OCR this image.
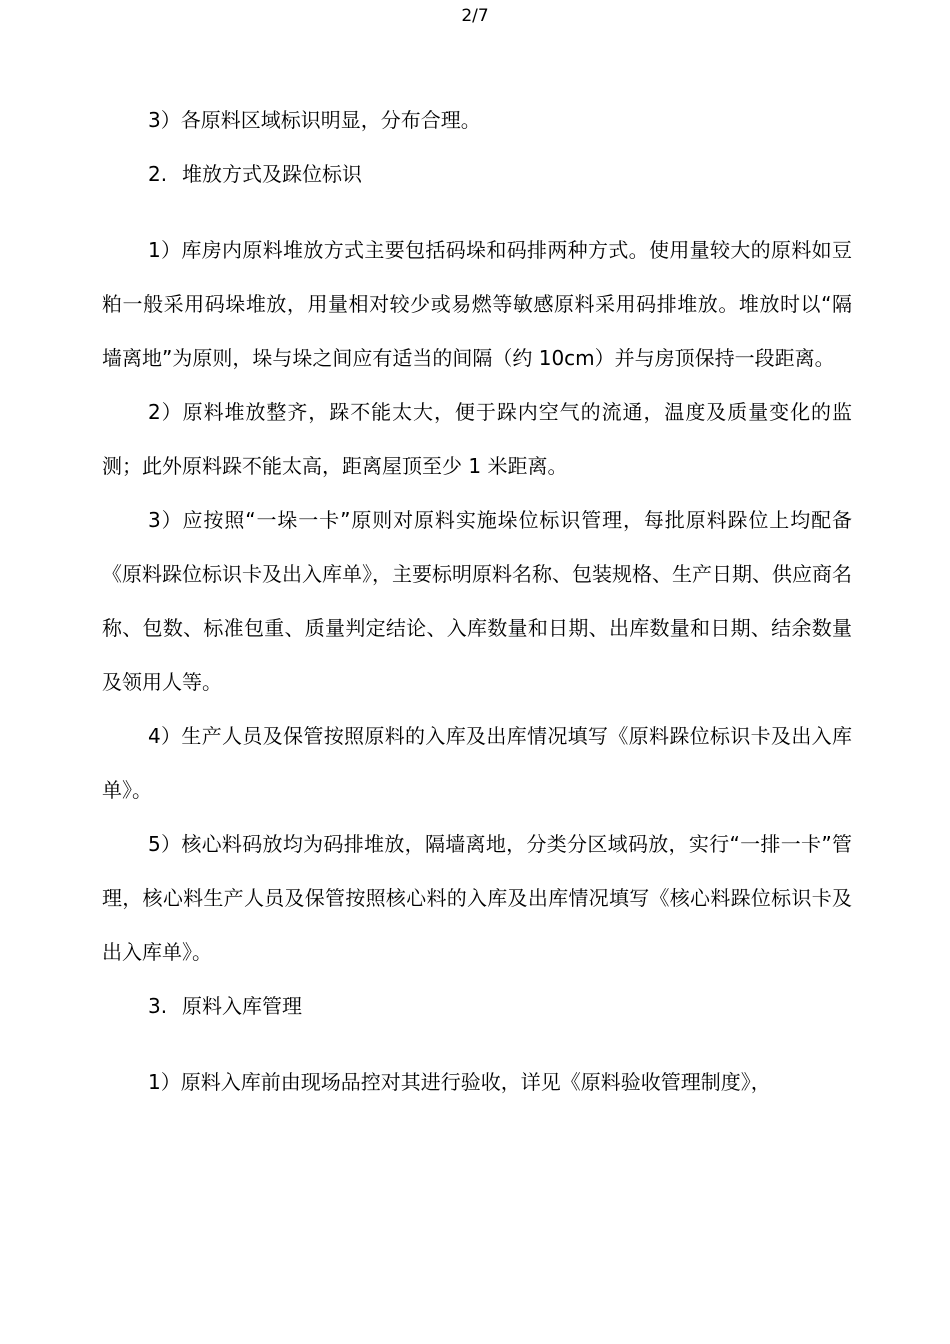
2/7

3）各原料区域标识明显，分布合理。

2. 堆放方式及跺位标识

1）库房内原料堆放方式主要包括码垛和码排两种方式。使用量较大的原料如豆粕一般采用码垛堆放，用量相对较少或易燃等敏感原料采用码排堆放。堆放时以“隔墙离地”为原则，垛与垛之间应有适当的间隔（约 10cm）并与房顶保持一段距离。

2）原料堆放整齐，跺不能太大，便于跺内空气的流通，温度及质量变化的监测；此外原料跺不能太高，距离屋顶至少 1 米距离。

3）应按照“一垛一卡”原则对原料实施垛位标识管理，每批原料跺位上均配备《原料跺位标识卡及出入库单》，主要标明原料名称、包装规格、生产日期、供应商名称、包数、标准包重、质量判定结论、入库数量和日期、出库数量和日期、结余数量及领用人等。

4）生产人员及保管按照原料的入库及出库情况填写《原料跺位标识卡及出入库单》。

5）核心料码放均为码排堆放，隔墙离地，分类分区域码放，实行“一排一卡”管理，核心料生产人员及保管按照核心料的入库及出库情况填写《核心料跺位标识卡及出入库单》。

3. 原料入库管理

1）原料入库前由现场品控对其进行验收，详见《原料验收管理制度》，
